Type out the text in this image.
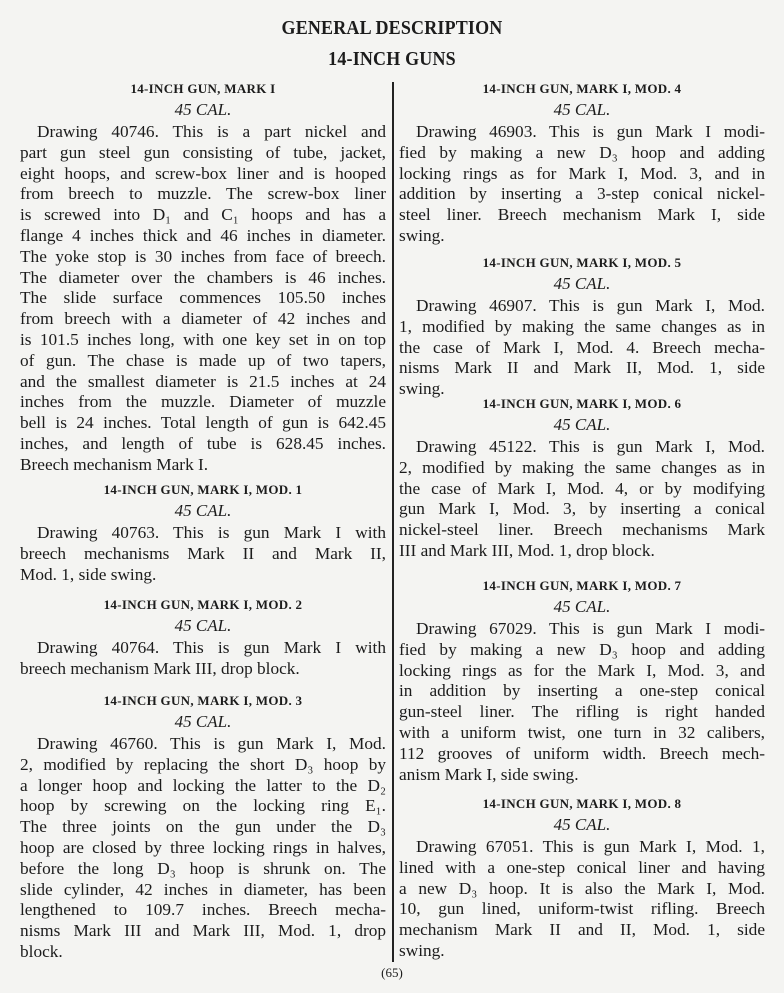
GENERAL DESCRIPTION
14-INCH GUNS
14-INCH GUN, MARK I
45 CAL.
Drawing 40746. This is a part nickel and
part gun steel gun consisting of tube, jacket,
eight hoops, and screw-box liner and is hooped
from breech to muzzle. The screw-box liner
is screwed into D₁ and C₁ hoops and has a
flange 4 inches thick and 46 inches in diameter.
The yoke stop is 30 inches from face of breech.
The diameter over the chambers is 46 inches.
The slide surface commences 105.50 inches
from breech with a diameter of 42 inches and
is 101.5 inches long, with one key set in on top
of gun. The chase is made up of two tapers,
and the smallest diameter is 21.5 inches at 24
inches from the muzzle. Diameter of muzzle
bell is 24 inches. Total length of gun is 642.45
inches, and length of tube is 628.45 inches.
Breech mechanism Mark I.
14-INCH GUN, MARK I, MOD. 1
45 CAL.
Drawing 40763. This is gun Mark I with
breech mechanisms Mark II and Mark II,
Mod. 1, side swing.
14-INCH GUN, MARK I, MOD. 2
45 CAL.
Drawing 40764. This is gun Mark I with
breech mechanism Mark III, drop block.
14-INCH GUN, MARK I, MOD. 3
45 CAL.
Drawing 46760. This is gun Mark I, Mod.
2, modified by replacing the short D₃ hoop by
a longer hoop and locking the latter to the D₂
hoop by screwing on the locking ring E₁.
The three joints on the gun under the D₃
hoop are closed by three locking rings in halves,
before the long D₃ hoop is shrunk on. The
slide cylinder, 42 inches in diameter, has been
lengthened to 109.7 inches. Breech mecha-
nisms Mark III and Mark III, Mod. 1, drop
block.
14-INCH GUN, MARK I, MOD. 4
45 CAL.
Drawing 46903. This is gun Mark I modi-
fied by making a new D₃ hoop and adding
locking rings as for Mark I, Mod. 3, and in
addition by inserting a 3-step conical nickel-
steel liner. Breech mechanism Mark I, side
swing.
14-INCH GUN, MARK I, MOD. 5
45 CAL.
Drawing 46907. This is gun Mark I, Mod.
1, modified by making the same changes as in
the case of Mark I, Mod. 4. Breech mecha-
nisms Mark II and Mark II, Mod. 1, side
swing.
14-INCH GUN, MARK I, MOD. 6
45 CAL.
Drawing 45122. This is gun Mark I, Mod.
2, modified by making the same changes as in
the case of Mark I, Mod. 4, or by modifying
gun Mark I, Mod. 3, by inserting a conical
nickel-steel liner. Breech mechanisms Mark
III and Mark III, Mod. 1, drop block.
14-INCH GUN, MARK I, MOD. 7
45 CAL.
Drawing 67029. This is gun Mark I modi-
fied by making a new D₃ hoop and adding
locking rings as for the Mark I, Mod. 3, and
in addition by inserting a one-step conical
gun-steel liner. The rifling is right handed
with a uniform twist, one turn in 32 calibers,
112 grooves of uniform width. Breech mech-
anism Mark I, side swing.
14-INCH GUN, MARK I, MOD. 8
45 CAL.
Drawing 67051. This is gun Mark I, Mod. 1,
lined with a one-step conical liner and having
a new D₃ hoop. It is also the Mark I, Mod.
10, gun lined, uniform-twist rifling. Breech
mechanism Mark II and II, Mod. 1, side
swing.
(65)
